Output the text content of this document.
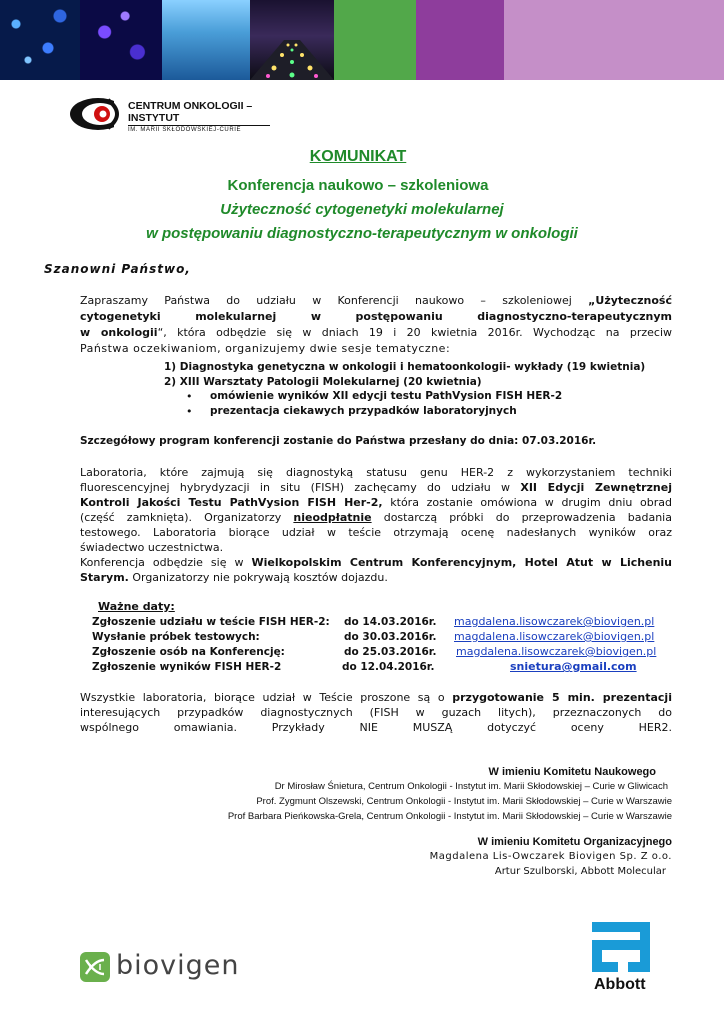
CENTRUM ONKOLOGII – INSTYTUT
IM. MARII SKŁODOWSKIEJ-CURIE
KOMUNIKAT
Konferencja naukowo – szkoleniowa
Użyteczność cytogenetyki molekularnej
w postępowaniu diagnostyczno-terapeutycznym w onkologii
Szanowni Państwo,
Zapraszamy Państwa do udziału w Konferencji naukowo – szkoleniowej „Użyteczność
cytogenetyki molekularnej w postępowaniu diagnostyczno-terapeutycznym
w onkologii“, która odbędzie się w dniach 19 i 20 kwietnia 2016r. Wychodząc na przeciw
Państwa oczekiwaniom, organizujemy dwie sesje tematyczne:
1) Diagnostyka genetyczna w onkologii i hematoonkologii- wykłady (19 kwietnia)
2) XIII Warsztaty Patologii Molekularnej (20 kwietnia)
• omówienie wyników XII edycji testu PathVysion FISH HER-2
• prezentacja ciekawych przypadków laboratoryjnych
Szczegółowy program konferencji zostanie do Państwa przesłany do dnia: 07.03.2016r.
Laboratoria, które zajmują się diagnostyką statusu genu HER-2 z wykorzystaniem techniki
fluorescencyjnej hybrydyzacji in situ (FISH) zachęcamy do udziału w XII Edycji Zewnętrznej
Kontroli Jakości Testu PathVysion FISH Her-2, która zostanie omówiona w drugim dniu obrad
(część zamknięta). Organizatorzy nieodpłatnie dostarczą próbki do przeprowadzenia badania
testowego. Laboratoria biorące udział w teście otrzymają ocenę nadesłanych wyników oraz
świadectwo uczestnictwa.
Konferencja odbędzie się w Wielkopolskim Centrum Konferencyjnym, Hotel Atut w Licheniu
Starym. Organizatorzy nie pokrywają kosztów dojazdu.
Ważne daty:
Zgłoszenie udziału w teście FISH HER-2: do 14.03.2016r. magdalena.lisowczarek@biovigen.pl
Wysłanie próbek testowych:	do 30.03.2016r. magdalena.lisowczarek@biovigen.pl
Zgłoszenie osób na Konferencję:	do 25.03.2016r. magdalena.lisowczarek@biovigen.pl
Zgłoszenie wyników FISH HER-2	do 12.04.2016r.	snietura@gmail.com
Wszystkie laboratoria, biorące udział w Teście proszone są o przygotowanie 5 min. prezentacji
interesujących przypadków diagnostycznych (FISH w guzach litych), przeznaczonych do
wspólnego omawiania. Przykłady NIE MUSZĄ dotyczyć oceny HER2.
W imieniu Komitetu Naukowego
Dr Mirosław Śnietura, Centrum Onkologii - Instytut im. Marii Skłodowskiej – Curie w Gliwicach
Prof. Zygmunt Olszewski, Centrum Onkologii - Instytut im. Marii Skłodowskiej – Curie w Warszawie
Prof Barbara Pieńkowska-Grela, Centrum Onkologii - Instytut im. Marii Skłodowskiej – Curie w Warszawie
W imieniu Komitetu Organizacyjnego
Magdalena Lis-Owczarek Biovigen Sp. Z o.o.
Artur Szulborski, Abbott Molecular
biovigen
Abbott
